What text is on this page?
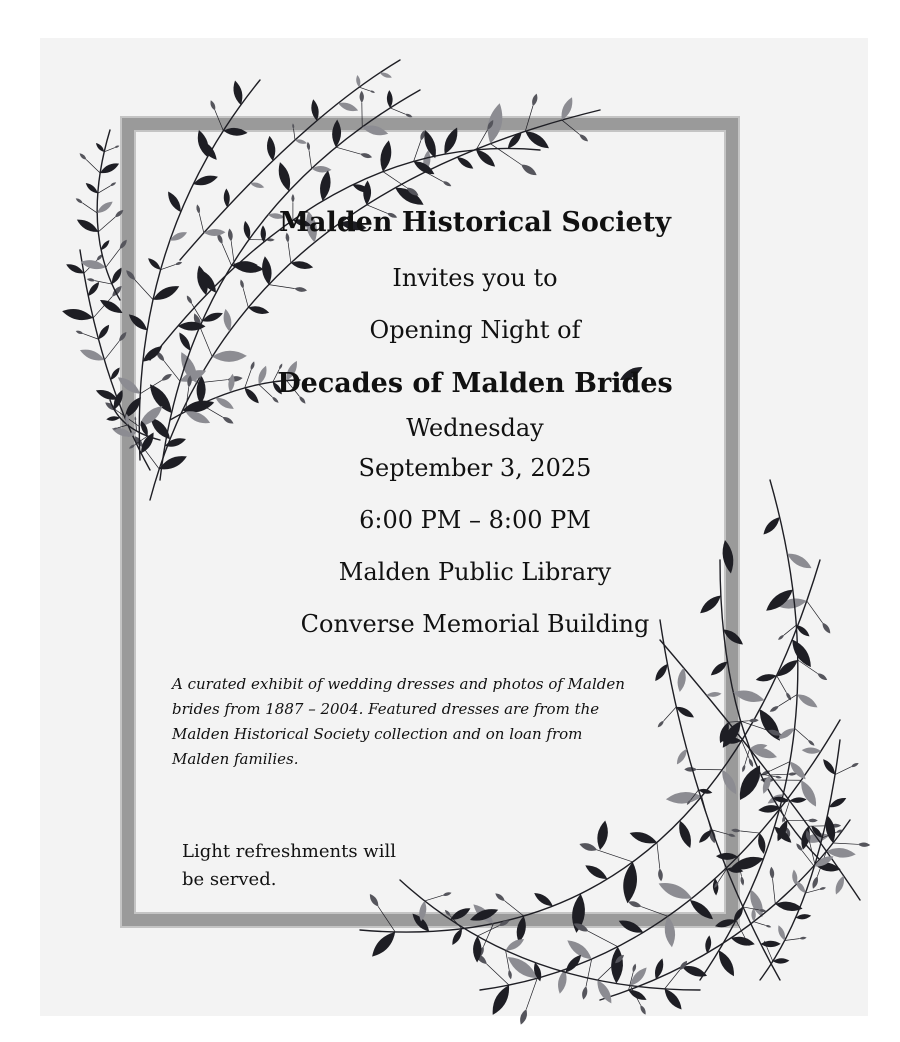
Malden Historical Society
Invites you to
Opening Night of
Decades of Malden Brides
Wednesday
September 3, 2025
6:00 PM – 8:00 PM
Malden Public Library
Converse Memorial Building

A curated exhibit of wedding dresses and photos of Malden brides from 1887 – 2004. Featured dresses are from the Malden Historical Society collection and on loan from Malden families.

Light refreshments will be served.
